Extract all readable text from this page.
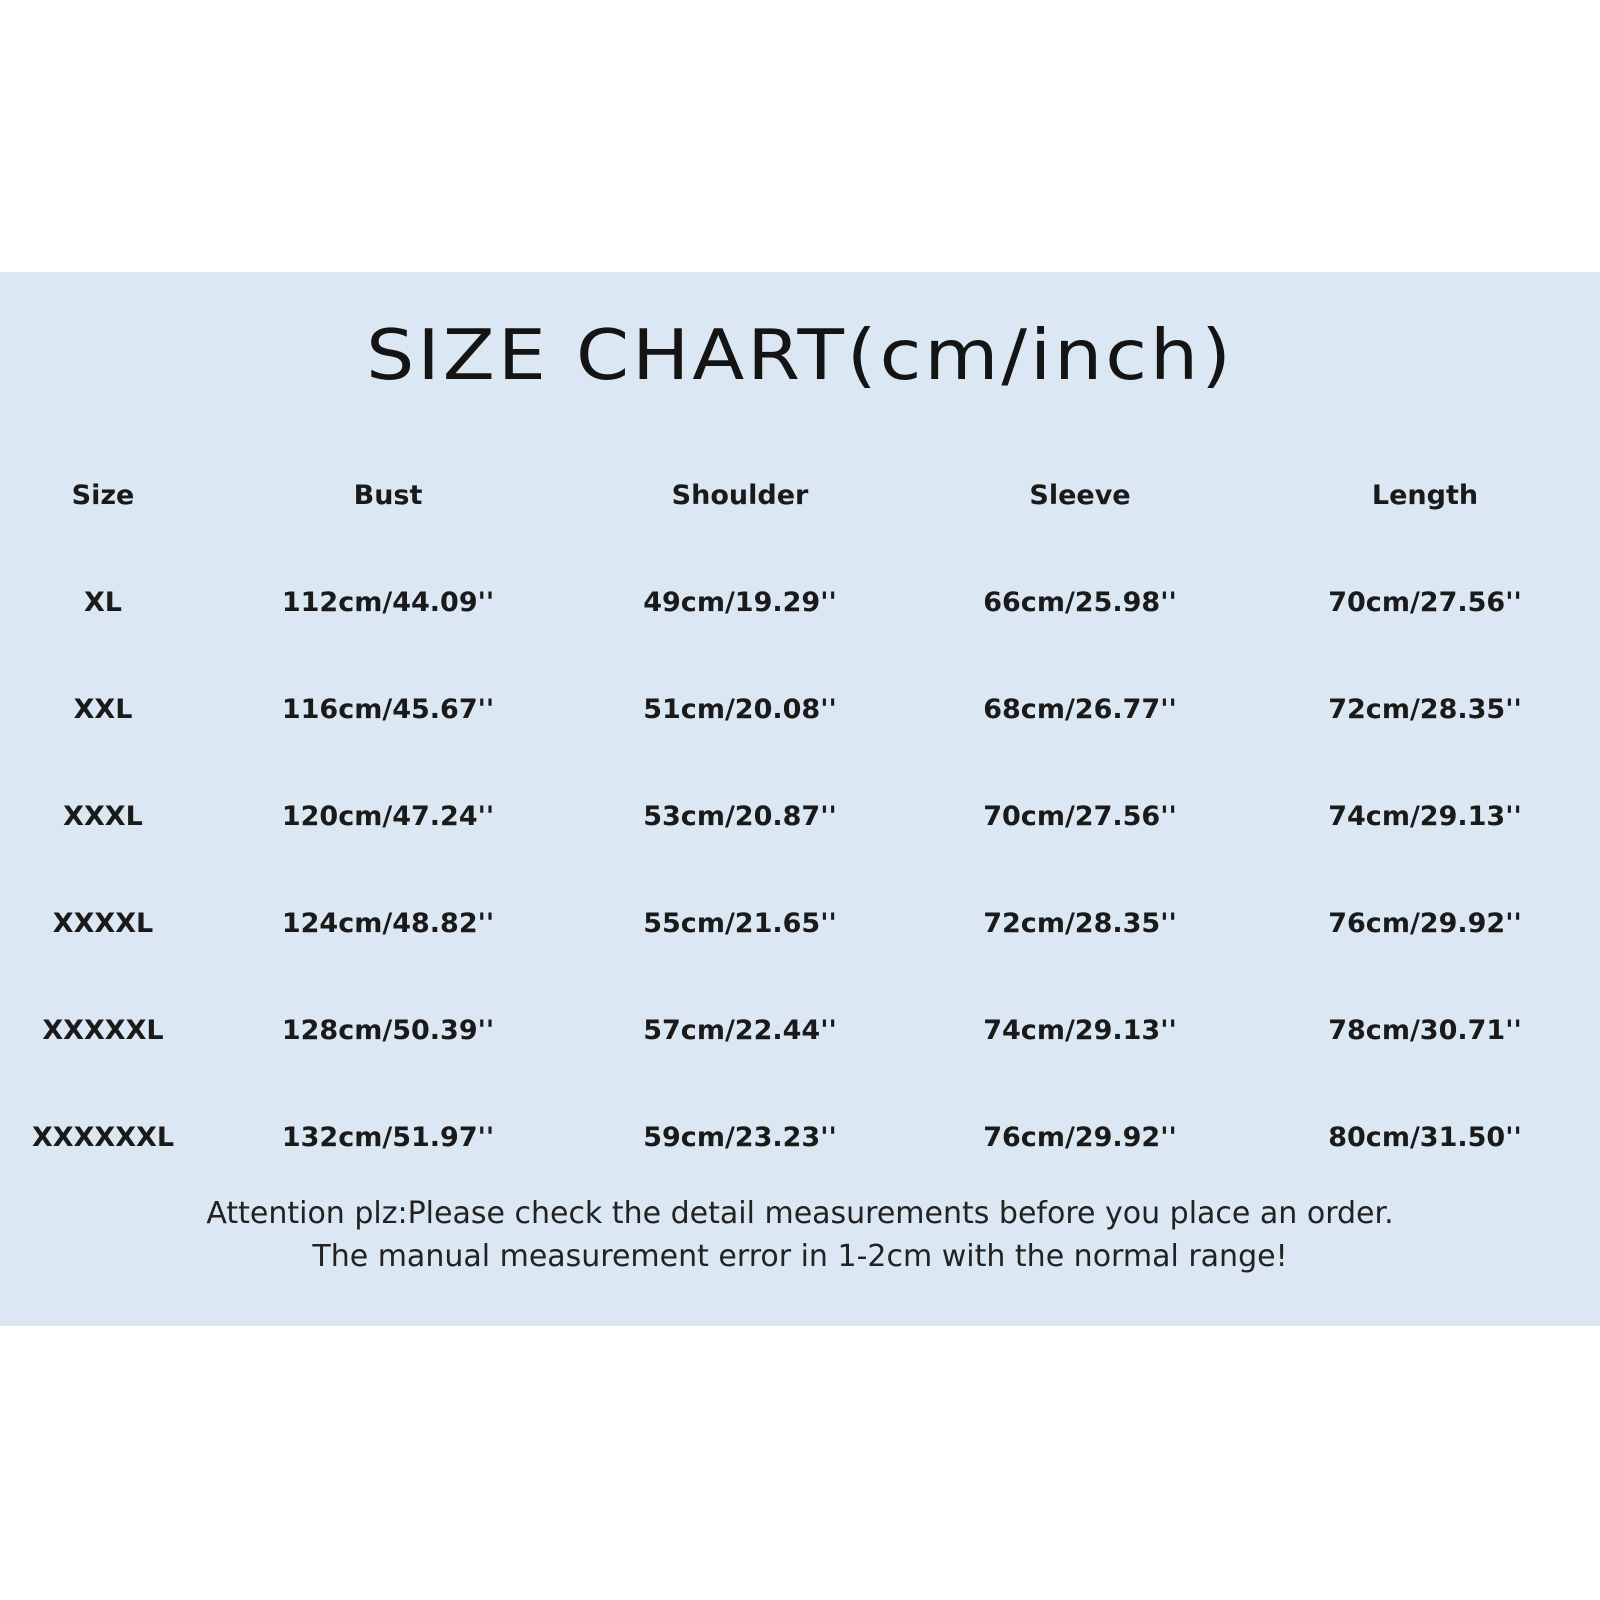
SIZE CHART(cm/inch)
Size	Bust	Shoulder	Sleeve	Length
XL	112cm/44.09''	49cm/19.29''	66cm/25.98''	70cm/27.56''
XXL	116cm/45.67''	51cm/20.08''	68cm/26.77''	72cm/28.35''
XXXL	120cm/47.24''	53cm/20.87''	70cm/27.56''	74cm/29.13''
XXXXL	124cm/48.82''	55cm/21.65''	72cm/28.35''	76cm/29.92''
XXXXXL	128cm/50.39''	57cm/22.44''	74cm/29.13''	78cm/30.71''
XXXXXXL	132cm/51.97''	59cm/23.23''	76cm/29.92''	80cm/31.50''
Attention plz:Please check the detail measurements before you place an order.
The manual measurement error in 1-2cm with the normal range!
